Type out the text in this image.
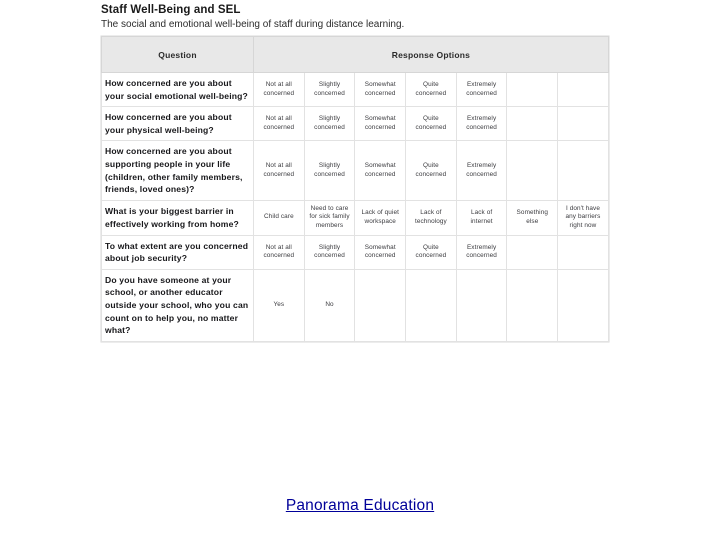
Staff Well-Being and SEL
The social and emotional well-being of staff during distance learning.
Question	Response Options						
How concerned are you about your social emotional well-being?	Not at all concerned	Slightly concerned	Somewhat concerned	Quite concerned	Extremely concerned		
How concerned are you about your physical well-being?	Not at all concerned	Slightly concerned	Somewhat concerned	Quite concerned	Extremely concerned		
How concerned are you about supporting people in your life (children, other family members, friends, loved ones)?	Not at all concerned	Slightly concerned	Somewhat concerned	Quite concerned	Extremely concerned		
What is your biggest barrier in effectively working from home?	Child care	Need to care for sick family members	Lack of quiet workspace	Lack of technology	Lack of internet	Something else	I don't have any barriers right now
To what extent are you concerned about job security?	Not at all concerned	Slightly concerned	Somewhat concerned	Quite concerned	Extremely concerned		
Do you have someone at your school, or another educator outside your school, who you can count on to help you, no matter what?	Yes	No					
Panorama Education
